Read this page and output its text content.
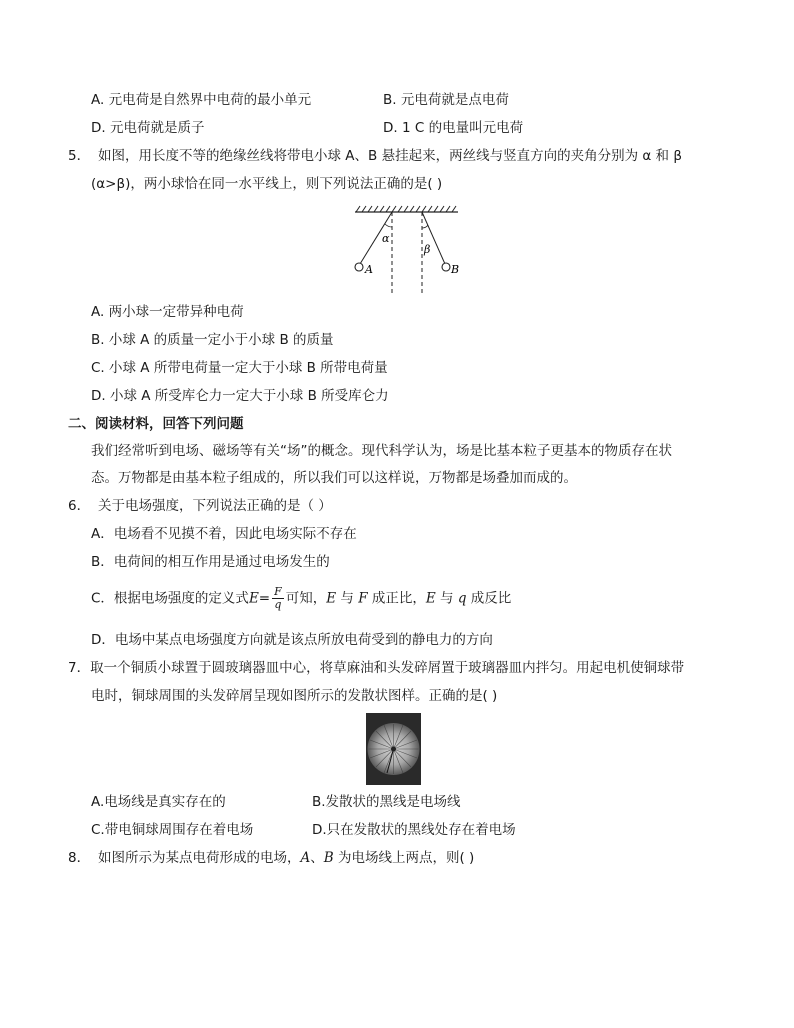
A. 元电荷是自然界中电荷的最小单元	B. 元电荷就是点电荷
D. 元电荷就是质子	D. 1 C 的电量叫元电荷
5． 如图，用长度不等的绝缘丝线将带电小球 A、B 悬挂起来，两丝线与竖直方向的夹角分别为 α 和 β
(α>β)，两小球恰在同一水平线上，则下列说法正确的是( )
α
β
A	B
A. 两小球一定带异种电荷
B. 小球 A 的质量一定小于小球 B 的质量
C. 小球 A 所带电荷量一定大于小球 B 所带电荷量
D. 小球 A 所受库仑力一定大于小球 B 所受库仑力
二、阅读材料，回答下列问题
我们经常听到电场、磁场等有关“场”的概念。现代科学认为，场是比基本粒子更基本的物质存在状
态。万物都是由基本粒子组成的，所以我们可以这样说，万物都是场叠加而成的。
6． 关于电场强度，下列说法正确的是（ ）
A．电场看不见摸不着，因此电场实际不存在
B．电荷间的相互作用是通过电场发生的
C．根据电场强度的定义式$E= \frac{F}{q}$ 可知，E 与 F 成正比，E 与 q 成反比
D．电场中某点电场强度方向就是该点所放电荷受到的静电力的方向
7．取一个铜质小球置于圆玻璃器皿中心，将草麻油和头发碎屑置于玻璃器皿内拌匀。用起电机使铜球带
电时，铜球周围的头发碎屑呈现如图所示的发散状图样。正确的是( )
A.电场线是真实存在的	B.发散状的黑线是电场线
C.带电铜球周围存在着电场	D.只在发散状的黑线处存在着电场
8． 如图所示为某点电荷形成的电场，A、B 为电场线上两点，则( )
